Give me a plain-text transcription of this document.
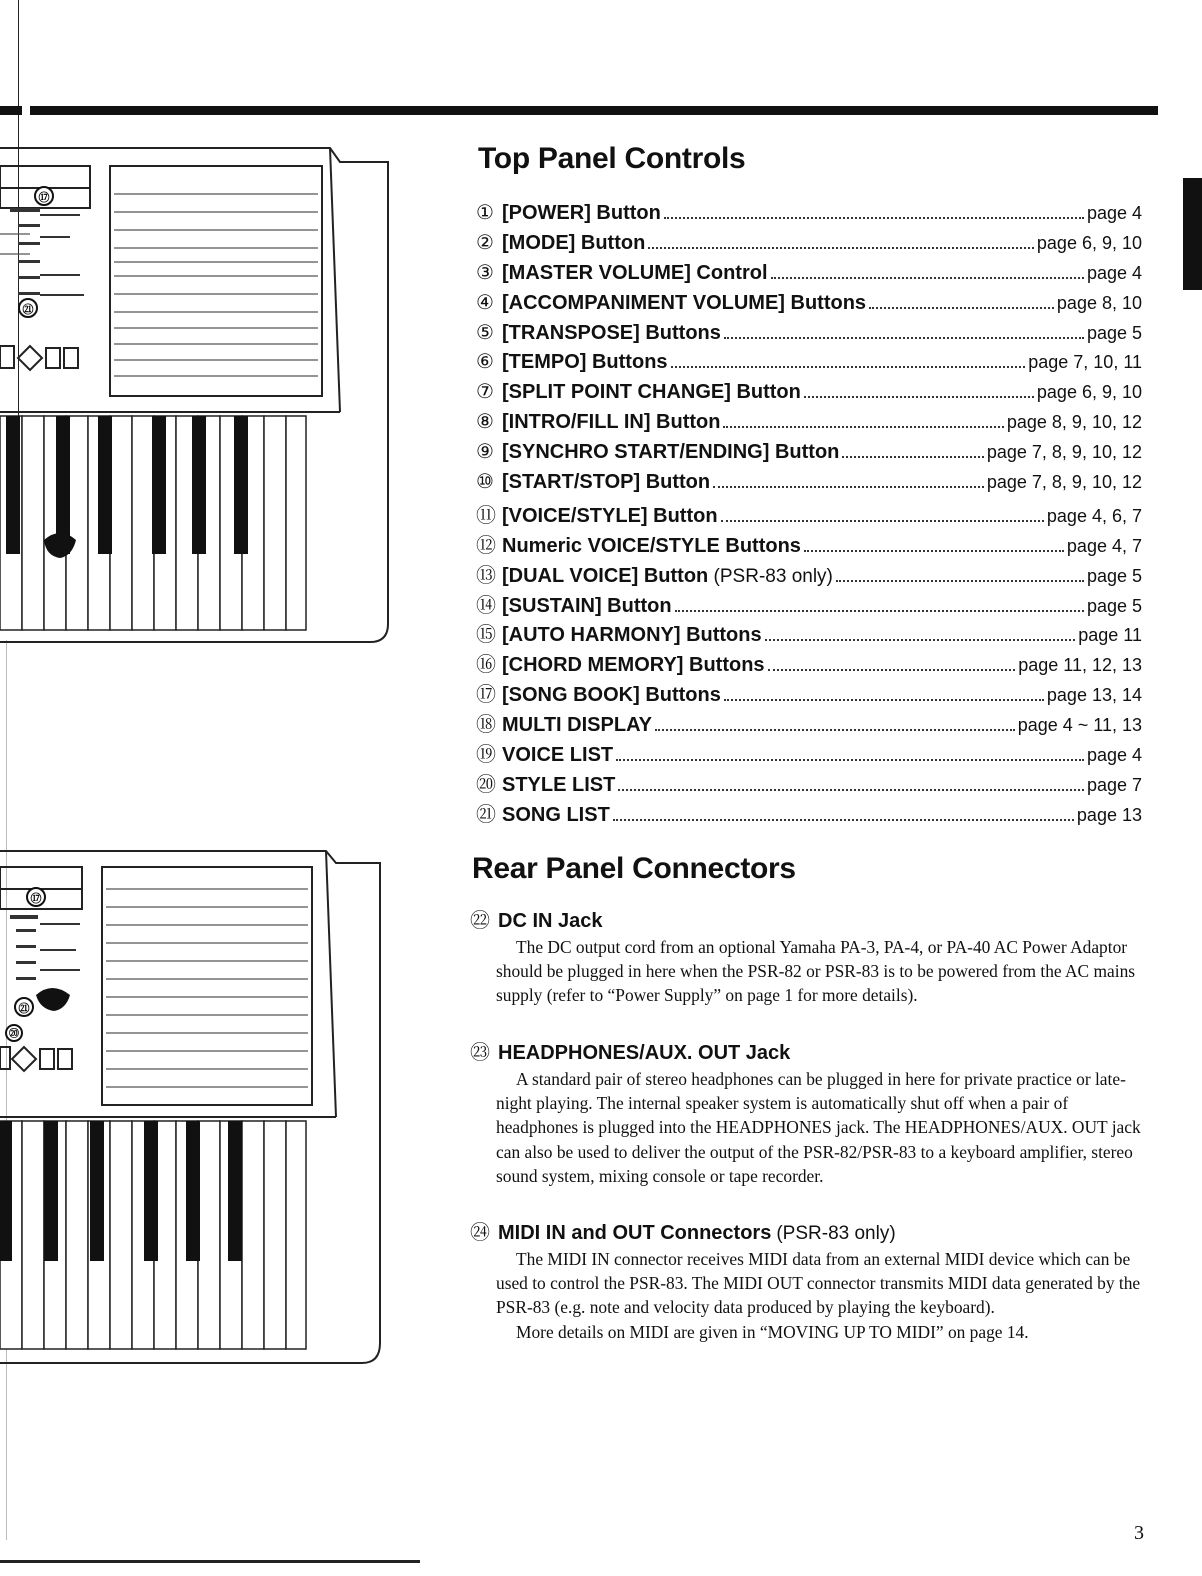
⑰
㉑
⑰
㉑
⑳
Top Panel Controls
① [POWER] Button	page 4
② [MODE] Button	page 6, 9, 10
③ [MASTER VOLUME] Control	page 4
④ [ACCOMPANIMENT VOLUME] Buttons	page 8, 10
⑤ [TRANSPOSE] Buttons	page 5
⑥ [TEMPO] Buttons	page 7, 10, 11
⑦ [SPLIT POINT CHANGE] Button	page 6, 9, 10
⑧ [INTRO/FILL IN] Button	page 8, 9, 10, 12
⑨ [SYNCHRO START/ENDING] Button	page 7, 8, 9, 10, 12
⑩ [START/STOP] Button	page 7, 8, 9, 10, 12
⑪ [VOICE/STYLE] Button	page 4, 6, 7
⑫ Numeric VOICE/STYLE Buttons	page 4, 7
⑬ [DUAL VOICE] Button (PSR-83 only)	page 5
⑭ [SUSTAIN] Button	page 5
⑮ [AUTO HARMONY] Buttons	page 11
⑯ [CHORD MEMORY] Buttons	page 11, 12, 13
⑰ [SONG BOOK] Buttons	page 13, 14
⑱ MULTI DISPLAY	page 4 ~ 11, 13
⑲ VOICE LIST	page 4
⑳ STYLE LIST	page 7
㉑ SONG LIST	page 13
Rear Panel Connectors
㉒ DC IN Jack

The DC output cord from an optional Yamaha PA-3, PA-4, or PA-40 AC Power Adaptor should be plugged in here when the PSR-82 or PSR-83 is to be powered from the AC mains supply (refer to “Power Supply” on page 1 for more details).

㉓ HEADPHONES/AUX. OUT Jack

A standard pair of stereo headphones can be plugged in here for private practice or late-night playing. The internal speaker system is automatically shut off when a pair of headphones is plugged into the HEADPHONES jack. The HEADPHONES/AUX. OUT jack can also be used to deliver the output of the PSR-82/PSR-83 to a keyboard amplifier, stereo sound system, mixing console or tape recorder.

㉔ MIDI IN and OUT Connectors (PSR-83 only)

The MIDI IN connector receives MIDI data from an external MIDI device which can be used to control the PSR-83. The MIDI OUT connector transmits MIDI data generated by the PSR-83 (e.g. note and velocity data produced by playing the keyboard).

More details on MIDI are given in “MOVING UP TO MIDI” on page 14.

3
